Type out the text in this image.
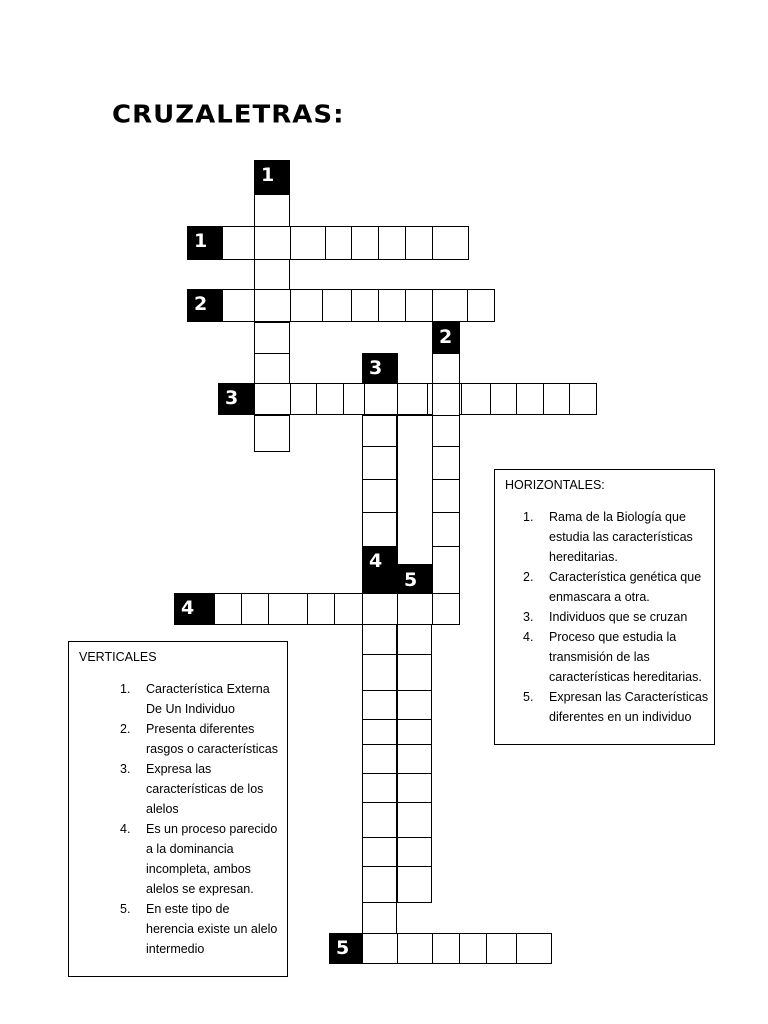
CRUZALETRAS:
1
1
2
2
3
3
4
5
4
5
HORIZONTALES:
1. Rama de la Biología que
estudia las características
hereditarias.
2. Característica genética que
enmascara a otra.
3. Individuos que se cruzan
4. Proceso que estudia la
transmisión de las
características hereditarias.
5. Expresan las Características
diferentes en un individuo
VERTICALES
1. Característica Externa
De Un Individuo
2. Presenta diferentes
rasgos o características
3. Expresa las
características de los
alelos
4. Es un proceso parecido
a la dominancia
incompleta, ambos
alelos se expresan.
5. En este tipo de
herencia existe un alelo
intermedio
